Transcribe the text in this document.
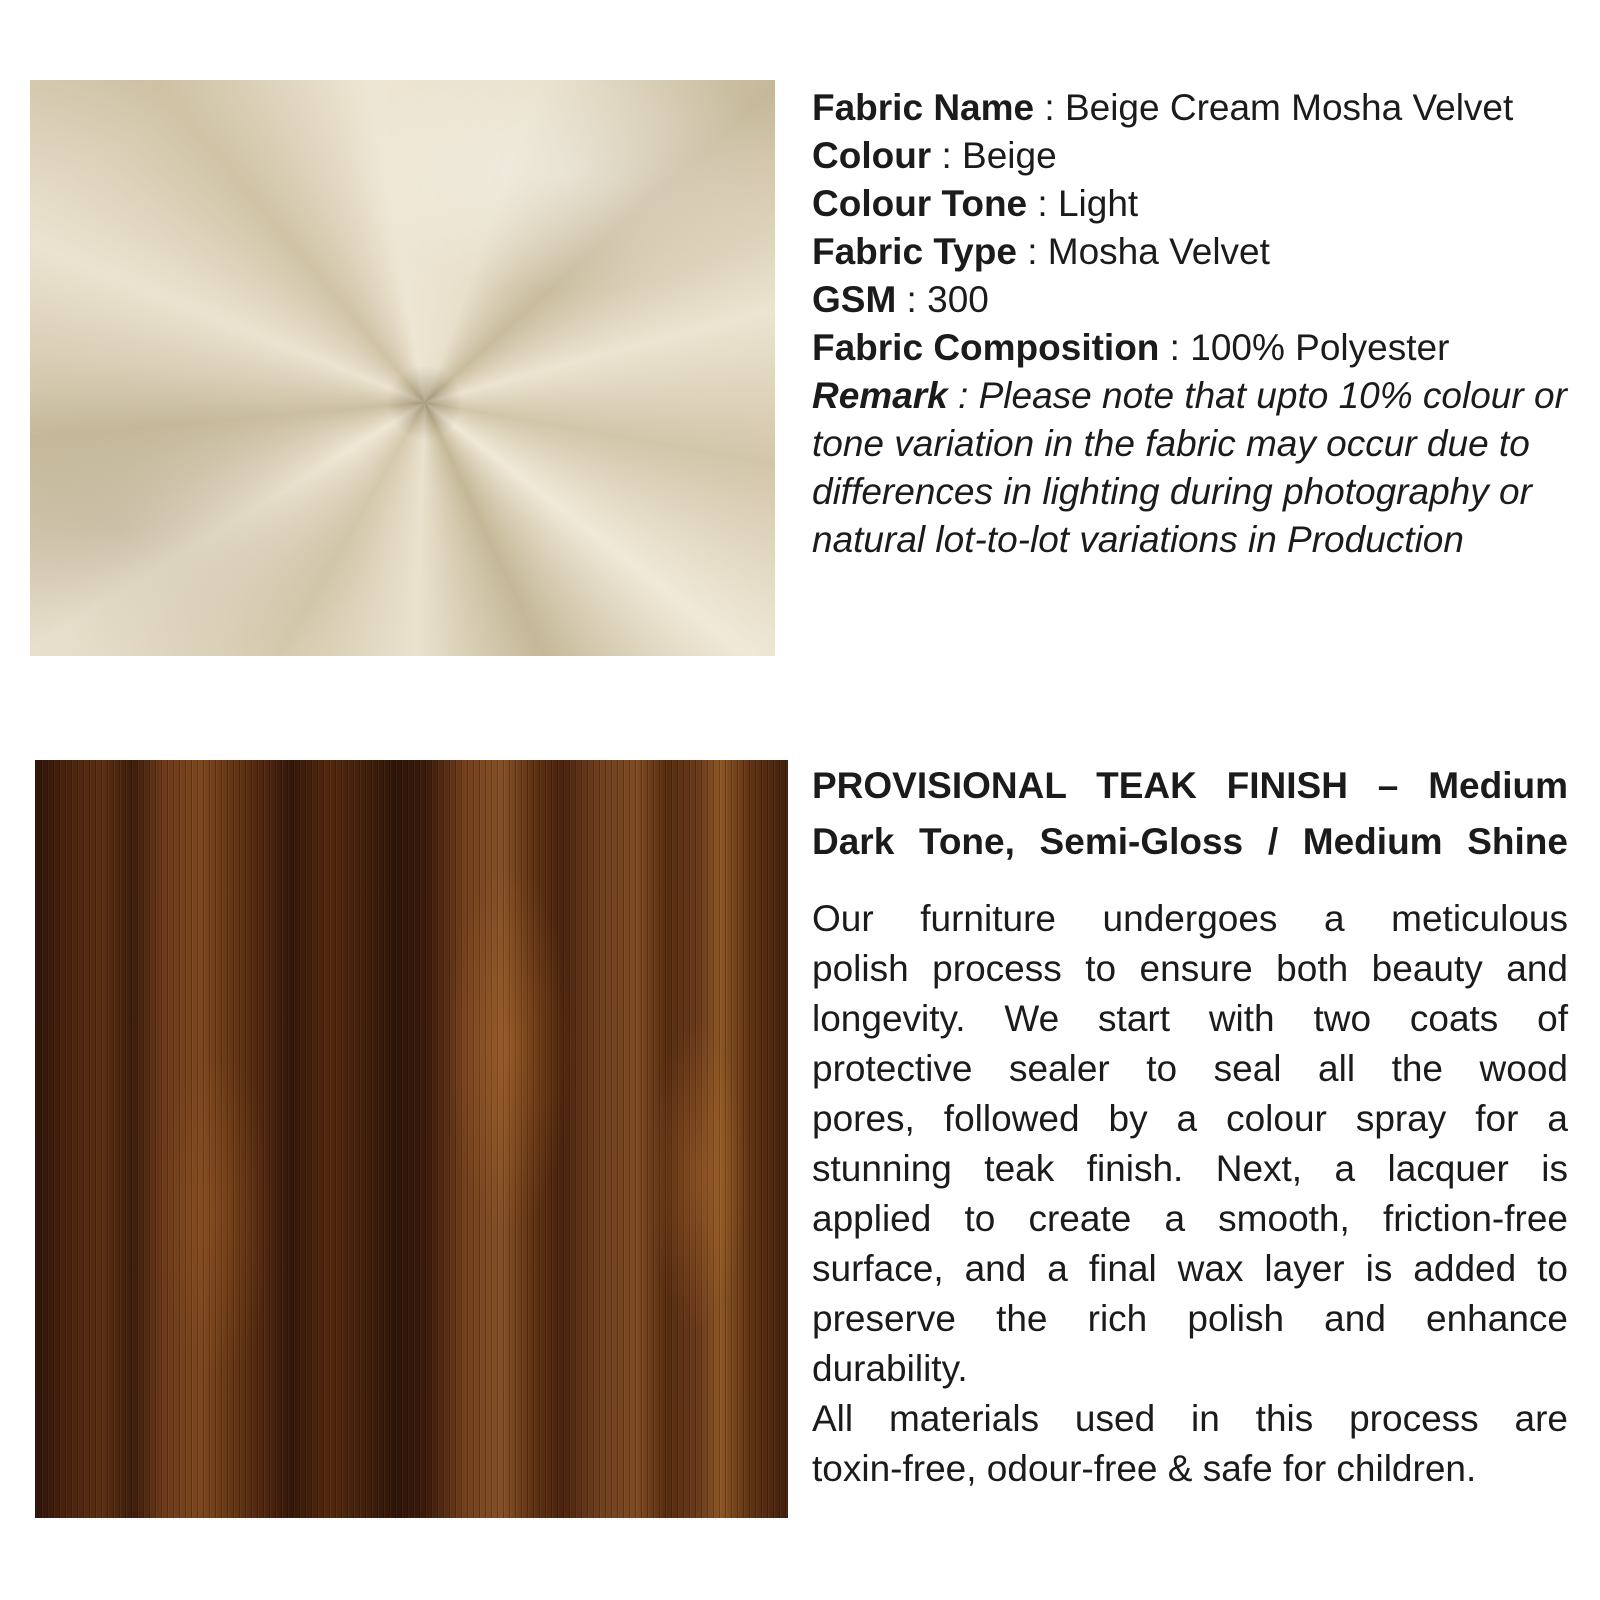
Fabric Name : Beige Cream Mosha Velvet
Colour : Beige
Colour Tone : Light
Fabric Type : Mosha Velvet
GSM : 300
Fabric Composition : 100% Polyester
Remark : Please note that upto 10% colour or tone variation in the fabric may occur due to differences in lighting during photography or natural lot-to-lot variations in Production
PROVISIONAL TEAK FINISH – Medium
Dark Tone, Semi-Gloss / Medium Shine
Our furniture undergoes a meticulous
polish process to ensure both beauty and
longevity. We start with two coats of
protective sealer to seal all the wood
pores, followed by a colour spray for a
stunning teak finish. Next, a lacquer is
applied to create a smooth, friction-free
surface, and a final wax layer is added to
preserve the rich polish and enhance
durability.
All materials used in this process are
toxin-free, odour-free & safe for children.
